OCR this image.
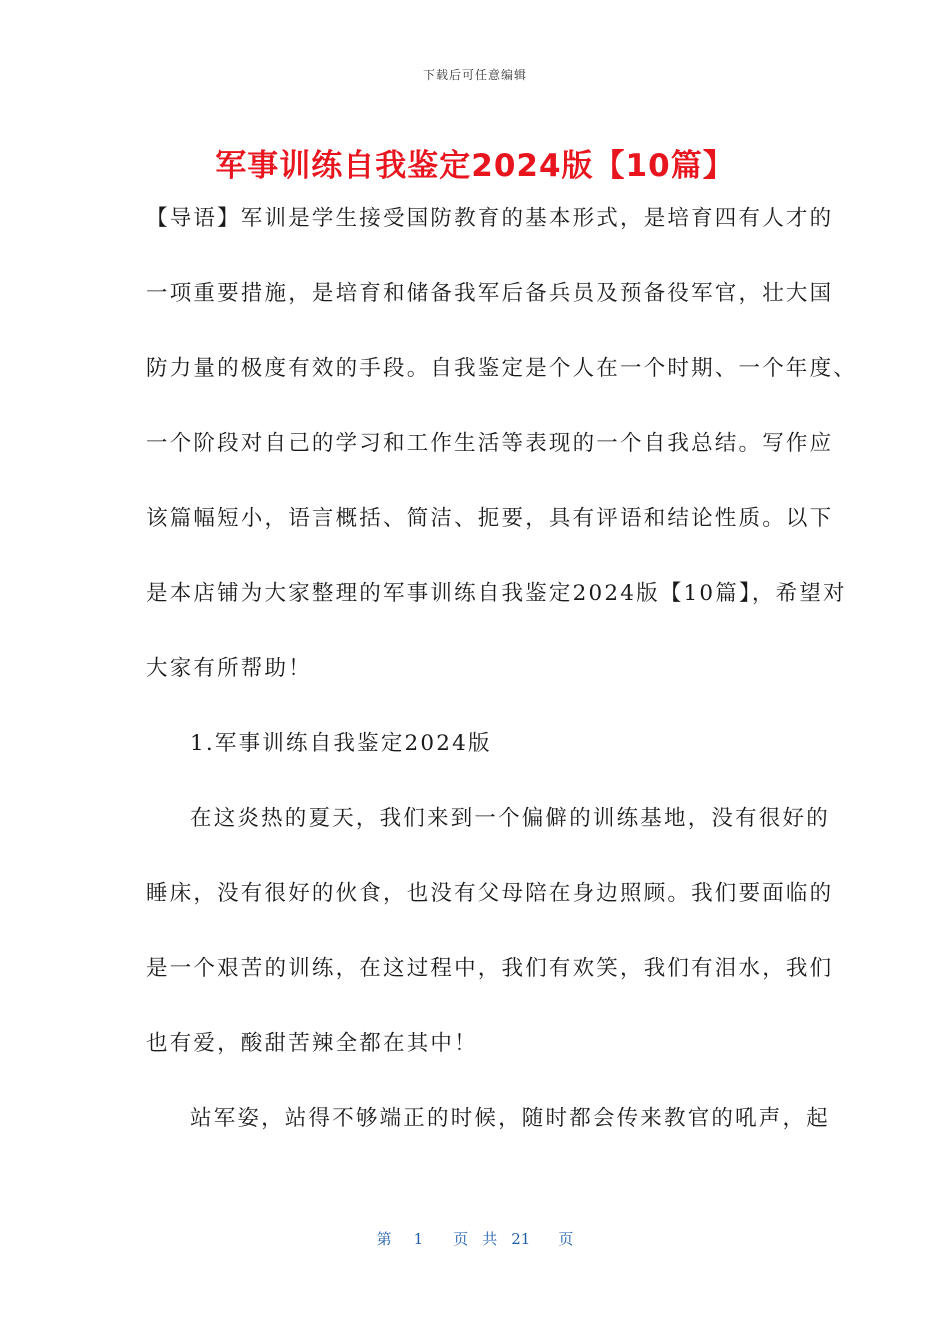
下载后可任意编辑
军事训练自我鉴定2024版【10篇】
【导语】军训是学生接受国防教育的基本形式，是培育四有人才的
一项重要措施，是培育和储备我军后备兵员及预备役军官，壮大国
防力量的极度有效的手段。自我鉴定是个人在一个时期、一个年度、
一个阶段对自己的学习和工作生活等表现的一个自我总结。写作应
该篇幅短小，语言概括、简洁、扼要，具有评语和结论性质。以下
是本店铺为大家整理的军事训练自我鉴定2024版【10篇】，希望对
大家有所帮助！
1.军事训练自我鉴定2024版
在这炎热的夏天，我们来到一个偏僻的训练基地，没有很好的
睡床，没有很好的伙食，也没有父母陪在身边照顾。我们要面临的
是一个艰苦的训练，在这过程中，我们有欢笑，我们有泪水，我们
也有爱，酸甜苦辣全都在其中！
站军姿，站得不够端正的时候，随时都会传来教官的吼声，起
第 1 页 共 21 页
